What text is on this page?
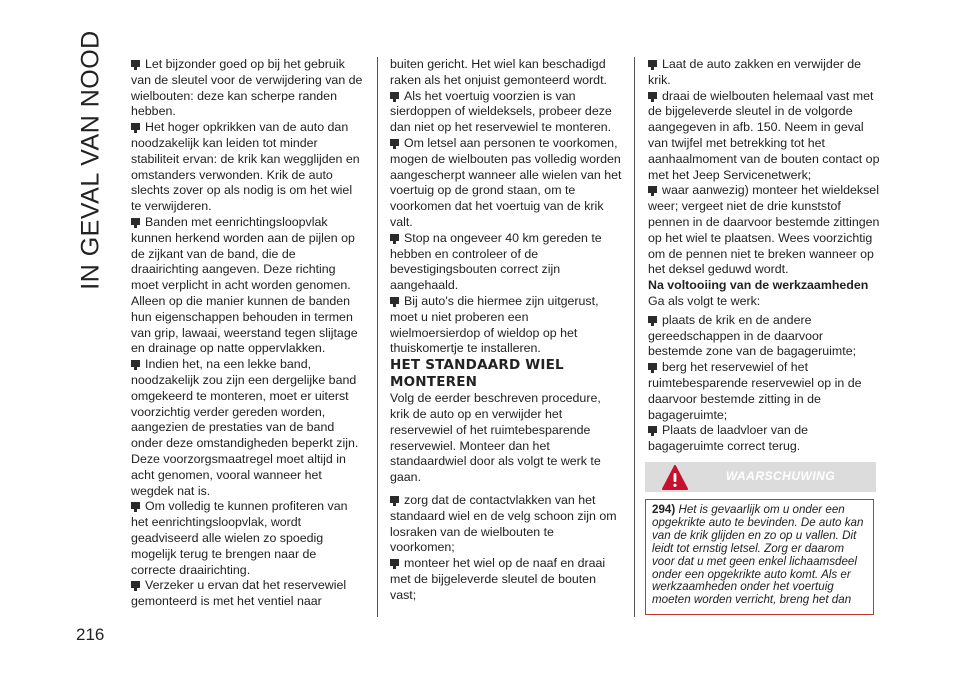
IN GEVAL VAN NOOD	Let bijzonder goed op bij het gebruik van de sleutel voor de verwijdering van de wielbouten: deze kan scherpe randen hebben.

Het hoger opkrikken van de auto dan noodzakelijk kan leiden tot minder stabiliteit ervan: de krik kan wegglijden en omstanders verwonden. Krik de auto slechts zover op als nodig is om het wiel te verwijderen.

Banden met eenrichtingsloopvlak kunnen herkend worden aan de pijlen op de zijkant van de band, die de draairichting aangeven. Deze richting moet verplicht in acht worden genomen. Alleen op die manier kunnen de banden hun eigenschappen behouden in termen van grip, lawaai, weerstand tegen slijtage en drainage op natte oppervlakken.

Indien het, na een lekke band, noodzakelijk zou zijn een dergelijke band omgekeerd te monteren, moet er uiterst voorzichtig verder gereden worden, aangezien de prestaties van de band onder deze omstandigheden beperkt zijn. Deze voorzorgsmaatregel moet altijd in acht genomen, vooral wanneer het wegdek nat is.

Om volledig te kunnen profiteren van het eenrichtingsloopvlak, wordt geadviseerd alle wielen zo spoedig mogelijk terug te brengen naar de correcte draairichting.

Verzeker u ervan dat het reservewiel gemonteerd is met het ventiel naar

buiten gericht. Het wiel kan beschadigd raken als het onjuist gemonteerd wordt.

Als het voertuig voorzien is van sierdoppen of wieldeksels, probeer deze dan niet op het reservewiel te monteren.

Om letsel aan personen te voorkomen, mogen de wielbouten pas volledig worden aangescherpt wanneer alle wielen van het voertuig op de grond staan, om te voorkomen dat het voertuig van de krik valt.

Stop na ongeveer 40 km gereden te hebben en controleer of de bevestigingsbouten correct zijn aangehaald.

Bij auto's die hiermee zijn uitgerust, moet u niet proberen een wielmoersierdop of wieldop op het thuiskomertje te installeren.

HET STANDAARD WIEL MONTEREN

Volg de eerder beschreven procedure, krik de auto op en verwijder het reservewiel of het ruimtebesparende reservewiel. Monteer dan het standaardwiel door als volgt te werk te gaan.

zorg dat de contactvlakken van het standaard wiel en de velg schoon zijn om losraken van de wielbouten te voorkomen;

monteer het wiel op de naaf en draai met de bijgeleverde sleutel de bouten vast;

Laat de auto zakken en verwijder de krik.

draai de wielbouten helemaal vast met de bijgeleverde sleutel in de volgorde aangegeven in afb. 150. Neem in geval van twijfel met betrekking tot het aanhaalmoment van de bouten contact op met het Jeep Servicenetwerk;

waar aanwezig) monteer het wieldeksel weer; vergeet niet de drie kunststof pennen in de daarvoor bestemde zittingen op het wiel te plaatsen. Wees voorzichtig om de pennen niet te breken wanneer op het deksel geduwd wordt.

Na voltooiing van de werkzaamheden

Ga als volgt te werk:

plaats de krik en de andere gereedschappen in de daarvoor bestemde zone van de bagageruimte;

berg het reservewiel of het ruimtebesparende reservewiel op in de daarvoor bestemde zitting in de bagageruimte;

Plaats de laadvloer van de bagageruimte correct terug.

WAARSCHUWING
294) Het is gevaarlijk om u onder een opgekrikte auto te bevinden. De auto kan van de krik glijden en zo op u vallen. Dit leidt tot ernstig letsel. Zorg er daarom voor dat u met geen enkel lichaamsdeel onder een opgekrikte auto komt. Als er werkzaamheden onder het voertuig moeten worden verricht, breng het dan
216
